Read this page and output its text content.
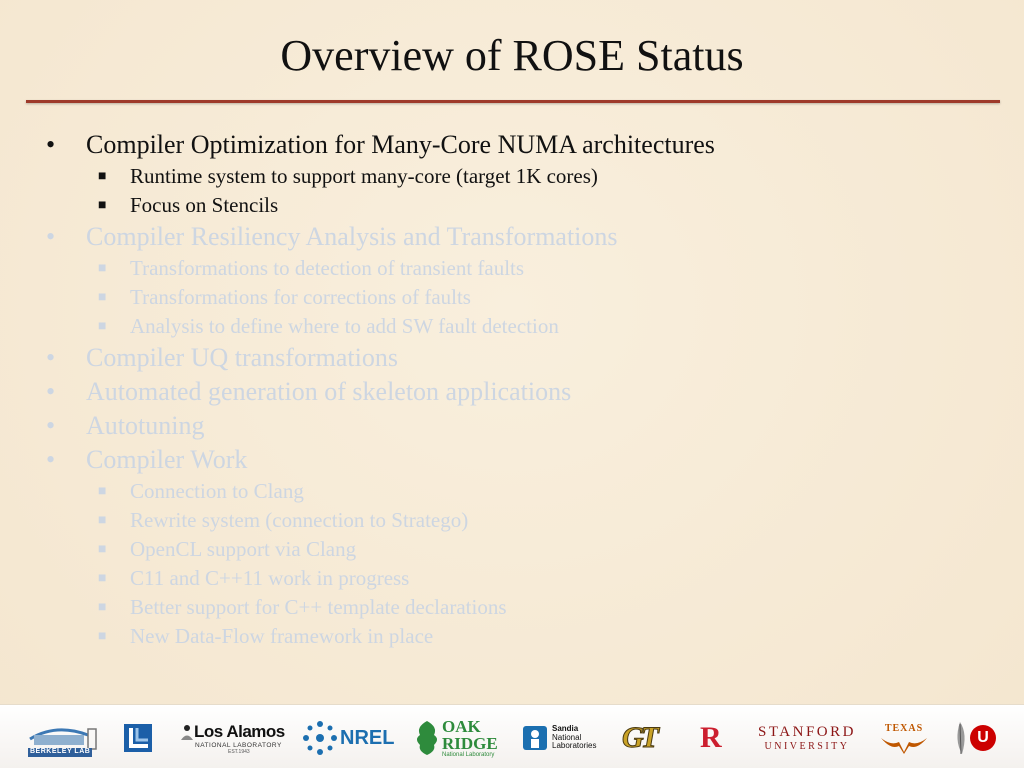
Overview of ROSE Status
• Compiler Optimization for Many-Core NUMA architectures
■ Runtime system to support many-core (target 1K cores)
■ Focus on Stencils
• Compiler Resiliency Analysis and Transformations
■ Transformations to detection of transient faults
■ Transformations for corrections of faults
■ Analysis to define where to add SW fault detection
• Compiler UQ transformations
• Automated generation of skeleton applications
• Autotuning
• Compiler Work
■ Connection to Clang
■ Rewrite system (connection to Stratego)
■ OpenCL support via Clang
■ C11 and C++11 work in progress
■ Better support for C++ template declarations
■ New Data-Flow framework in place
BERKELEY LAB
Los Alamos
NATIONAL LABORATORY
EST.1943
NREL	OAK
RIDGE
National Laboratory
Sandia
National
Laboratories GT R STANFORD
UNIVERSITY
TEXAS
U
